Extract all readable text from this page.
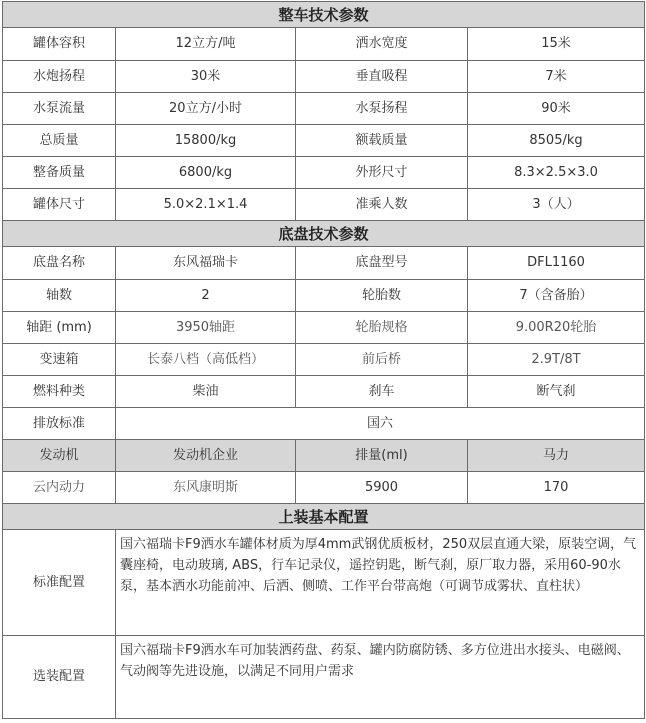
整车技术参数			
罐体容积	12立方/吨	洒水宽度	15米
水炮扬程	30米	垂直吸程	7米
水泵流量	20立方/小时	水泵扬程	90米
总质量	15800/kg	额载质量	8505/kg
整备质量	6800/kg	外形尺寸	8.3×2.5×3.0
罐体尺寸	5.0×2.1×1.4	准乘人数	3（人）
底盘技术参数			
底盘名称	东风福瑞卡	底盘型号	DFL1160
轴数	2	轮胎数	7（含备胎）
轴距 (mm)	3950轴距	轮胎规格	9.00R20轮胎
变速箱	长泰八档（高低档）	前后桥	2.9T/8T
燃料种类	柴油	刹车	断气刹
排放标准	国六		
发动机	发动机企业	排量(ml)	马力
云内动力	东风康明斯	5900	170
上装基本配置			
标准配置	国六福瑞卡F9洒水车罐体材质为厚4mm武钢优质板材，250双层直通大梁，原装空调，气囊座椅，电动玻璃, ABS，行车记录仪，遥控钥匙，断气刹，原厂取力器，采用60-90水泵，基本洒水功能前冲、后洒、侧喷、工作平台带高炮（可调节成雾状、直柱状）		
选装配置	国六福瑞卡F9洒水车可加装洒药盘、药泵、罐内防腐防锈、多方位进出水接头、电磁阀、气动阀等先进设施，以满足不同用户需求		
